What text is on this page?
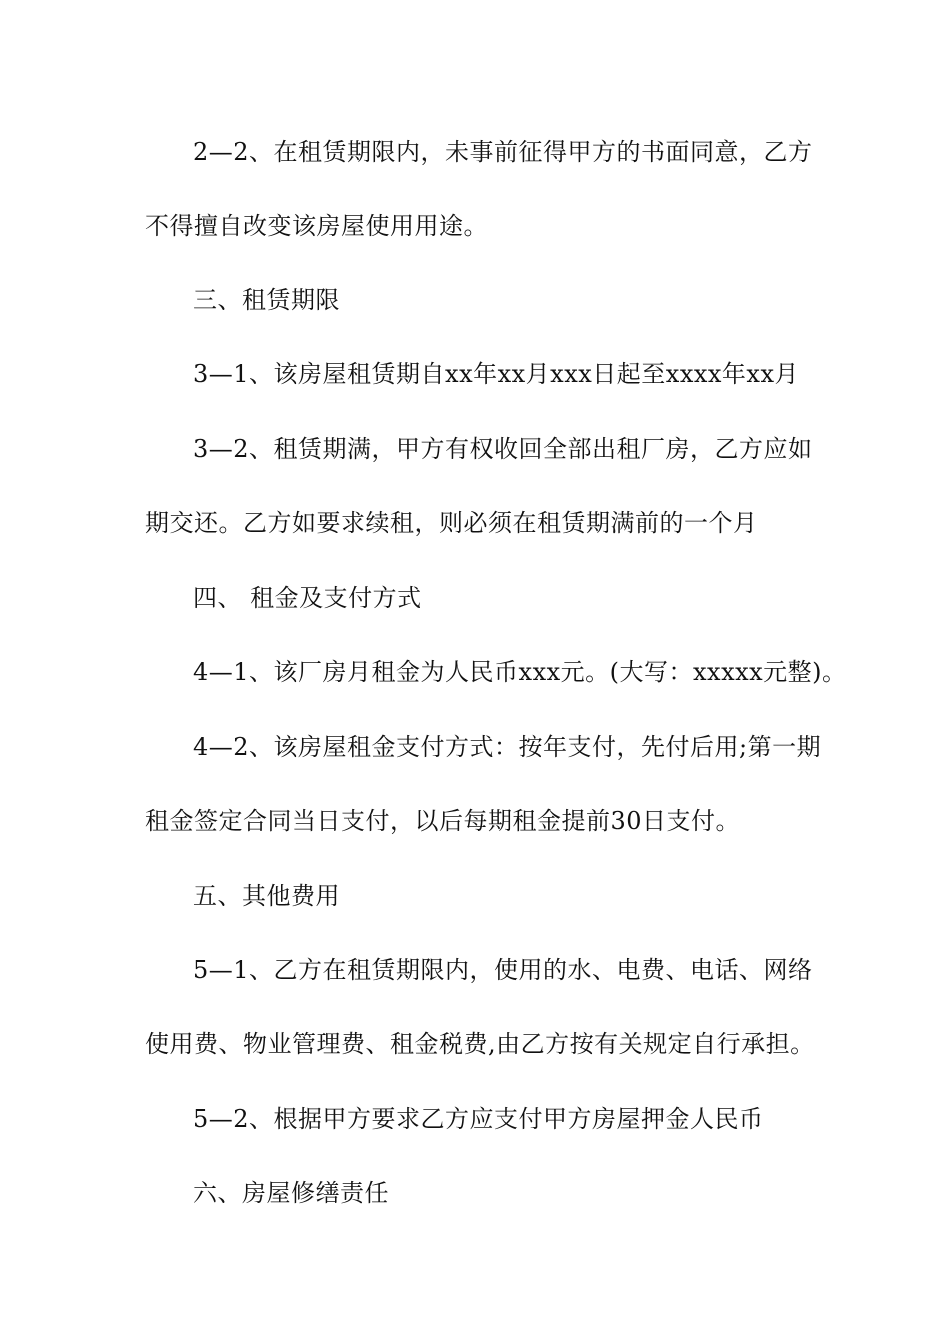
2—2、在租赁期限内，未事前征得甲方的书面同意，乙方
不得擅自改变该房屋使用用途。
三、租赁期限
3—1、该房屋租赁期自xx年xx月xxx日起至xxxx年xx月
3—2、租赁期满，甲方有权收回全部出租厂房，乙方应如
期交还。乙方如要求续租，则必须在租赁期满前的一个月
四、 租金及支付方式
4—1、该厂房月租金为人民币xxx元。(大写：xxxxx元整)。
4—2、该房屋租金支付方式：按年支付，先付后用;第一期
租金签定合同当日支付，以后每期租金提前30日支付。
五、其他费用
5—1、乙方在租赁期限内，使用的水、电费、电话、网络
使用费、物业管理费、租金税费,由乙方按有关规定自行承担。
5—2、根据甲方要求乙方应支付甲方房屋押金人民币
六、房屋修缮责任
